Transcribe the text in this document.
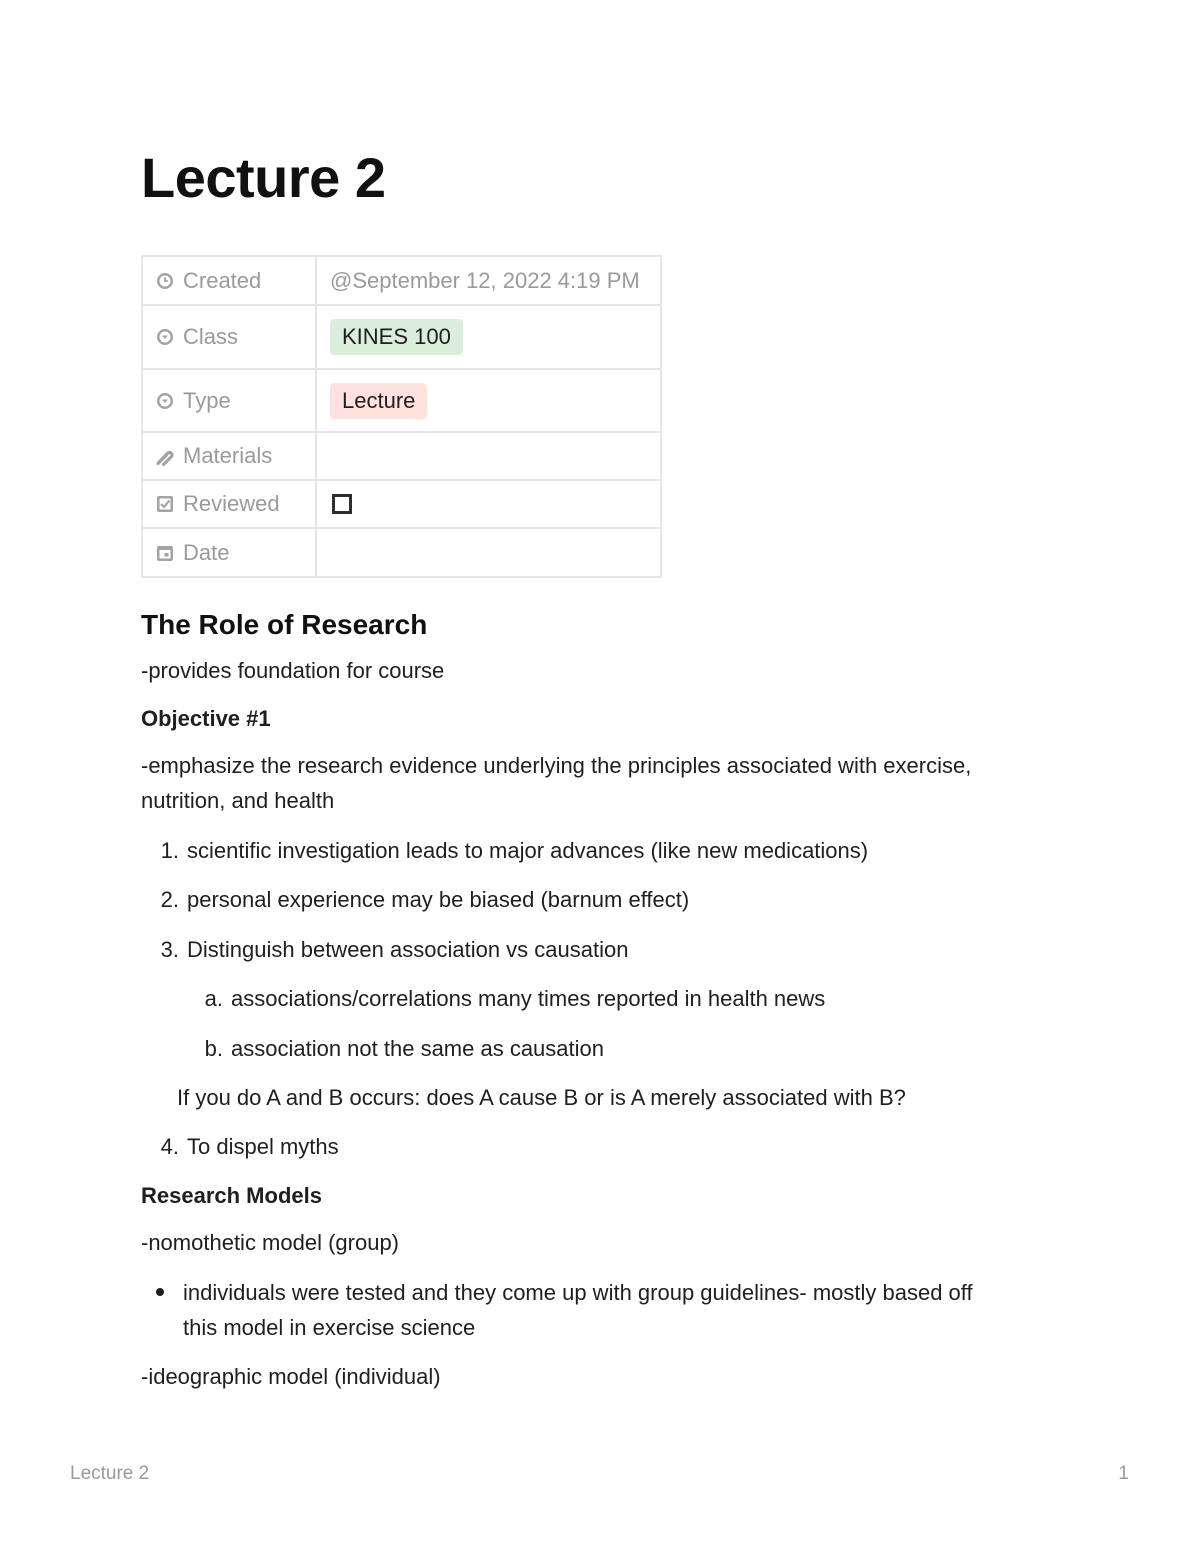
Lecture 2
Created	@September 12, 2022 4:19 PM
Class	KINES 100
Type	Lecture
Materials	
Reviewed	
Date	
The Role of Research

-provides foundation for course

Objective #1

-emphasize the research evidence underlying the principles associated with exercise,

nutrition, and health

1. scientific investigation leads to major advances (like new medications)

2. personal experience may be biased (barnum effect)

3. Distinguish between association vs causation

a. associations/correlations many times reported in health news

b. association not the same as causation

If you do A and B occurs: does A cause B or is A merely associated with B?

4. To dispel myths

Research Models

-nomothetic model (group)

individuals were tested and they come up with group guidelines- mostly based off

this model in exercise science

-ideographic model (individual)

Lecture 2	1
